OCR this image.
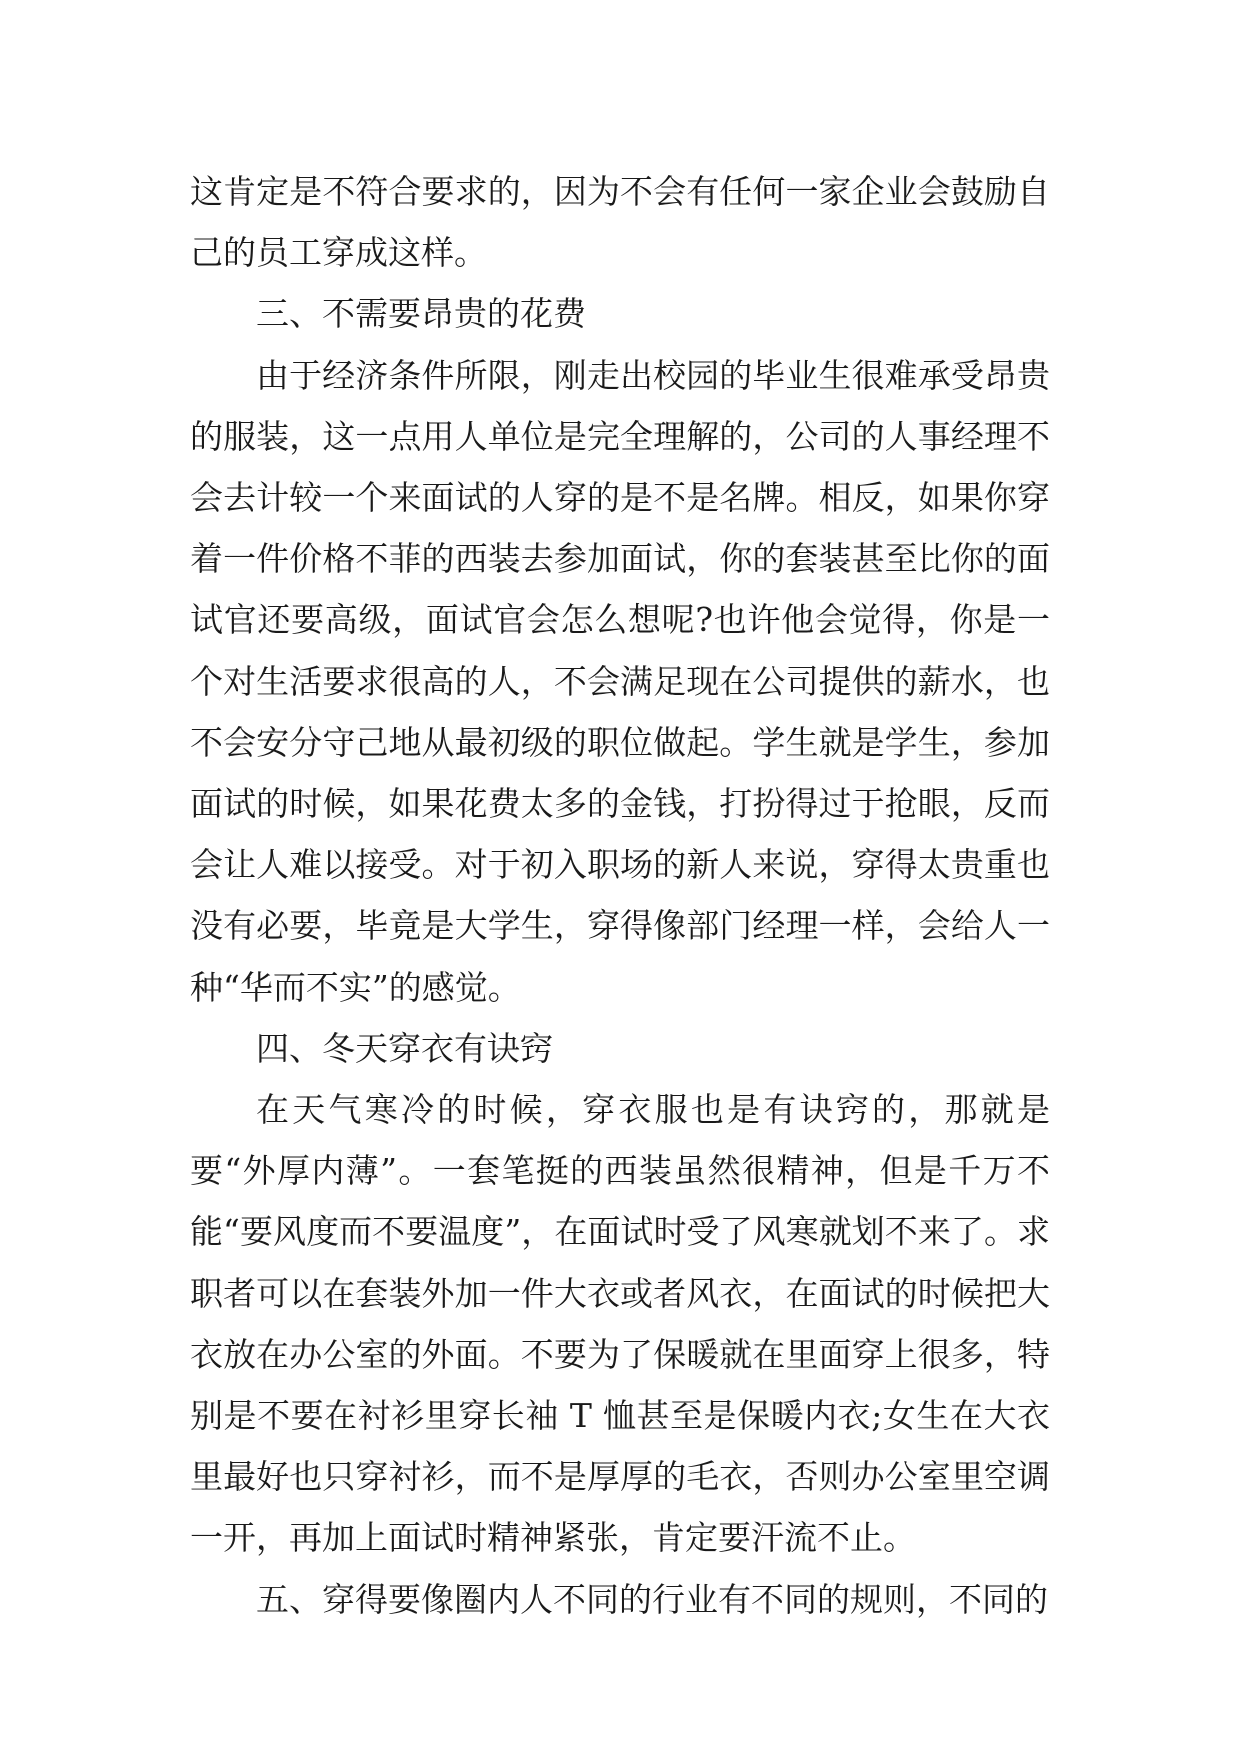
这肯定是不符合要求的，因为不会有任何一家企业会鼓励自己的员工穿成这样。

三、不需要昂贵的花费

由于经济条件所限，刚走出校园的毕业生很难承受昂贵的服装，这一点用人单位是完全理解的，公司的人事经理不会去计较一个来面试的人穿的是不是名牌。相反，如果你穿着一件价格不菲的西装去参加面试，你的套装甚至比你的面试官还要高级，面试官会怎么想呢?也许他会觉得，你是一个对生活要求很高的人，不会满足现在公司提供的薪水，也不会安分守己地从最初级的职位做起。学生就是学生，参加面试的时候，如果花费太多的金钱，打扮得过于抢眼，反而会让人难以接受。对于初入职场的新人来说，穿得太贵重也没有必要，毕竟是大学生，穿得像部门经理一样，会给人一种“华而不实”的感觉。

四、冬天穿衣有诀窍

在天气寒冷的时候，穿衣服也是有诀窍的，那就是要“外厚内薄”。一套笔挺的西装虽然很精神，但是千万不能“要风度而不要温度”，在面试时受了风寒就划不来了。求职者可以在套装外加一件大衣或者风衣，在面试的时候把大衣放在办公室的外面。不要为了保暖就在里面穿上很多，特别是不要在衬衫里穿长袖 T 恤甚至是保暖内衣;女生在大衣里最好也只穿衬衫，而不是厚厚的毛衣，否则办公室里空调一开，再加上面试时精神紧张，肯定要汗流不止。

五、穿得要像圈内人不同的行业有不同的规则，不同的
